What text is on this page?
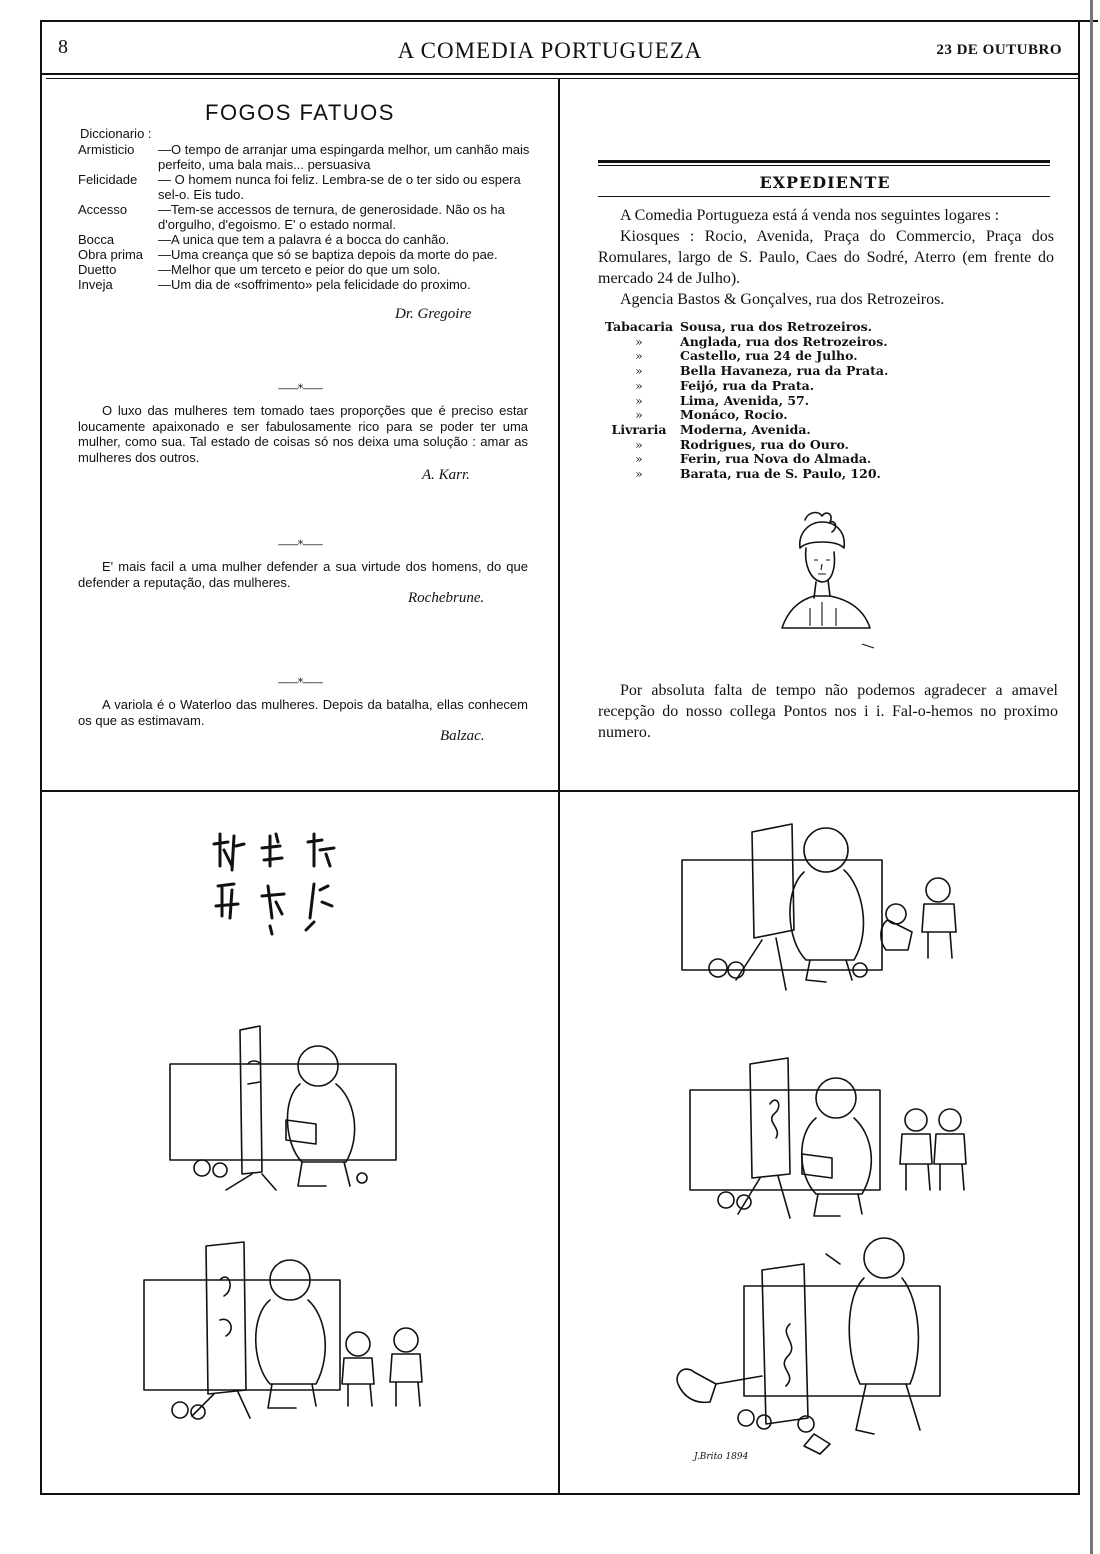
8	A COMEDIA PORTUGUEZA	23 DE OUTUBRO
FOGOS FATUOS
Diccionario :
Armisticio	—O tempo de arranjar uma espingarda melhor, um canhão mais perfeito, uma bala mais... persuasiva
Felicidade	— O homem nunca foi feliz. Lembra-se de o ter sido ou espera sel-o. Eis tudo.
Accesso	—Tem-se accessos de ternura, de generosidade. Não os ha d'orgulho, d'egoismo. E' o estado normal.
Bocca	—A unica que tem a palavra é a bocca do canhão.
Obra prima	—Uma creança que só se baptiza depois da morte do pae.
Duetto	—Melhor que um terceto e peior do que um solo.
Inveja	—Um dia de «soffrimento» pela felicidade do proximo.
Dr. Gregoire
——*——
O luxo das mulheres tem tomado taes proporções que é preciso estar loucamente apaixonado e ser fabulosamente rico para se poder ter uma mulher, como sua. Tal estado de coisas só nos deixa uma solução : amar as mulheres dos outros.
A. Karr.
——*——
E' mais facil a uma mulher defender a sua virtude dos homens, do que defender a reputação, das mulheres.
Rochebrune.
——*——
A variola é o Waterloo das mulheres. Depois da batalha, ellas conhecem os que as estimavam.
Balzac.
EXPEDIENTE

A Comedia Portugueza está á venda nos seguintes logares :

Kiosques : Rocio, Avenida, Praça do Commercio, Praça dos Romulares, largo de S. Paulo, Caes do Sodré, Aterro (em frente do mercado 24 de Julho).

Agencia Bastos & Gonçalves, rua dos Retrozeiros.

Tabacaria Sousa, rua dos Retrozeiros.
»	Anglada, rua dos Retrozeiros.
»	Castello, rua 24 de Julho.
»	Bella Havaneza, rua da Prata.
»	Feijó, rua da Prata.
»	Lima, Avenida, 57.
»	Monáco, Rocio.
Livraria	Moderna, Avenida.
»	Rodrigues, rua do Ouro.
»	Ferin, rua Nova do Almada.
»	Barata, rua de S. Paulo, 120.

Por absoluta falta de tempo não podemos agradecer a amavel recepção do nosso collega Pontos nos i i. Fal-o-hemos no proximo numero.

J.Brito 1894
